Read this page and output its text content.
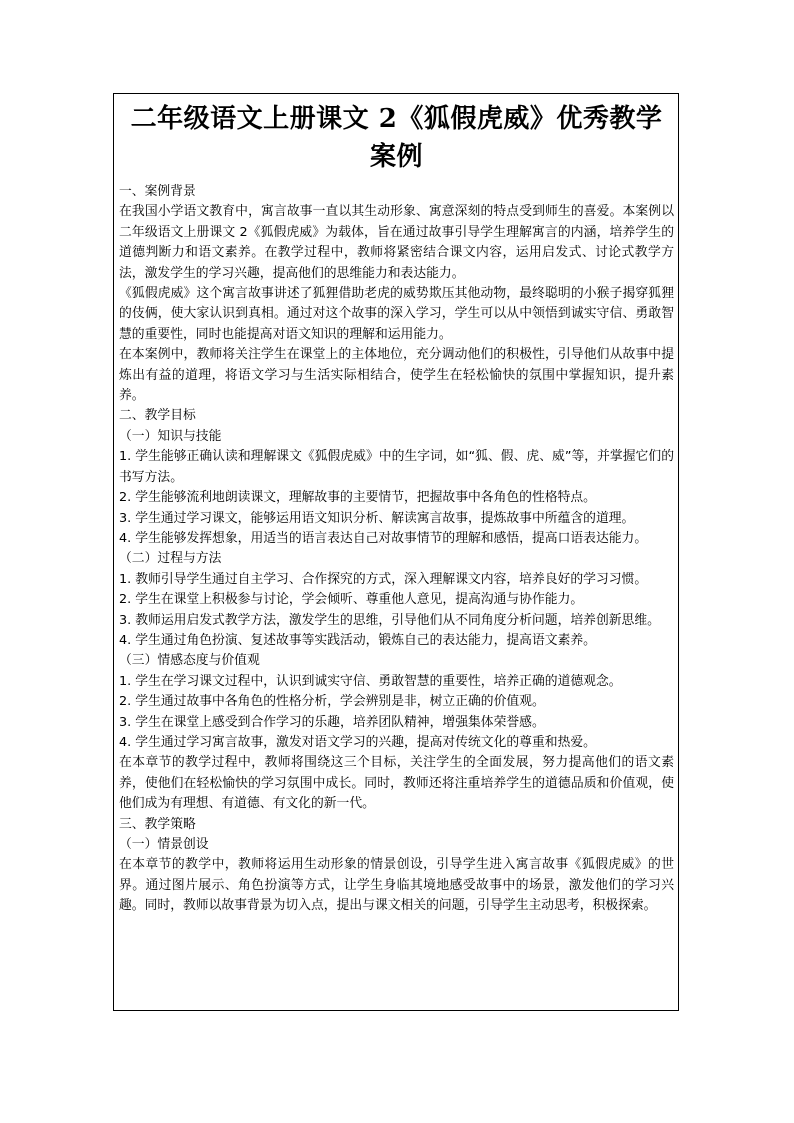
二年级语文上册课文 2《狐假虎威》优秀教学案例

一、案例背景

在我国小学语文教育中，寓言故事一直以其生动形象、寓意深刻的特点受到师生的喜爱。本案例以二年级语文上册课文 2《狐假虎威》为载体，旨在通过故事引导学生理解寓言的内涵，培养学生的道德判断力和语文素养。在教学过程中，教师将紧密结合课文内容，运用启发式、讨论式教学方法，激发学生的学习兴趣，提高他们的思维能力和表达能力。

《狐假虎威》这个寓言故事讲述了狐狸借助老虎的威势欺压其他动物，最终聪明的小猴子揭穿狐狸的伎俩，使大家认识到真相。通过对这个故事的深入学习，学生可以从中领悟到诚实守信、勇敢智慧的重要性，同时也能提高对语文知识的理解和运用能力。

在本案例中，教师将关注学生在课堂上的主体地位，充分调动他们的积极性，引导他们从故事中提炼出有益的道理，将语文学习与生活实际相结合，使学生在轻松愉快的氛围中掌握知识，提升素养。

二、教学目标

（一）知识与技能

1. 学生能够正确认读和理解课文《狐假虎威》中的生字词，如“狐、假、虎、威”等，并掌握它们的书写方法。

2. 学生能够流利地朗读课文，理解故事的主要情节，把握故事中各角色的性格特点。

3. 学生通过学习课文，能够运用语文知识分析、解读寓言故事，提炼故事中所蕴含的道理。

4. 学生能够发挥想象，用适当的语言表达自己对故事情节的理解和感悟，提高口语表达能力。

（二）过程与方法

1. 教师引导学生通过自主学习、合作探究的方式，深入理解课文内容，培养良好的学习习惯。

2. 学生在课堂上积极参与讨论，学会倾听、尊重他人意见，提高沟通与协作能力。

3. 教师运用启发式教学方法，激发学生的思维，引导他们从不同角度分析问题，培养创新思维。

4. 学生通过角色扮演、复述故事等实践活动，锻炼自己的表达能力，提高语文素养。

（三）情感态度与价值观

1. 学生在学习课文过程中，认识到诚实守信、勇敢智慧的重要性，培养正确的道德观念。

2. 学生通过故事中各角色的性格分析，学会辨别是非，树立正确的价值观。

3. 学生在课堂上感受到合作学习的乐趣，培养团队精神，增强集体荣誉感。

4. 学生通过学习寓言故事，激发对语文学习的兴趣，提高对传统文化的尊重和热爱。

在本章节的教学过程中，教师将围绕这三个目标，关注学生的全面发展，努力提高他们的语文素养，使他们在轻松愉快的学习氛围中成长。同时，教师还将注重培养学生的道德品质和价值观，使他们成为有理想、有道德、有文化的新一代。

三、教学策略

（一）情景创设

在本章节的教学中，教师将运用生动形象的情景创设，引导学生进入寓言故事《狐假虎威》的世界。通过图片展示、角色扮演等方式，让学生身临其境地感受故事中的场景，激发他们的学习兴趣。同时，教师以故事背景为切入点，提出与课文相关的问题，引导学生主动思考，积极探索。
